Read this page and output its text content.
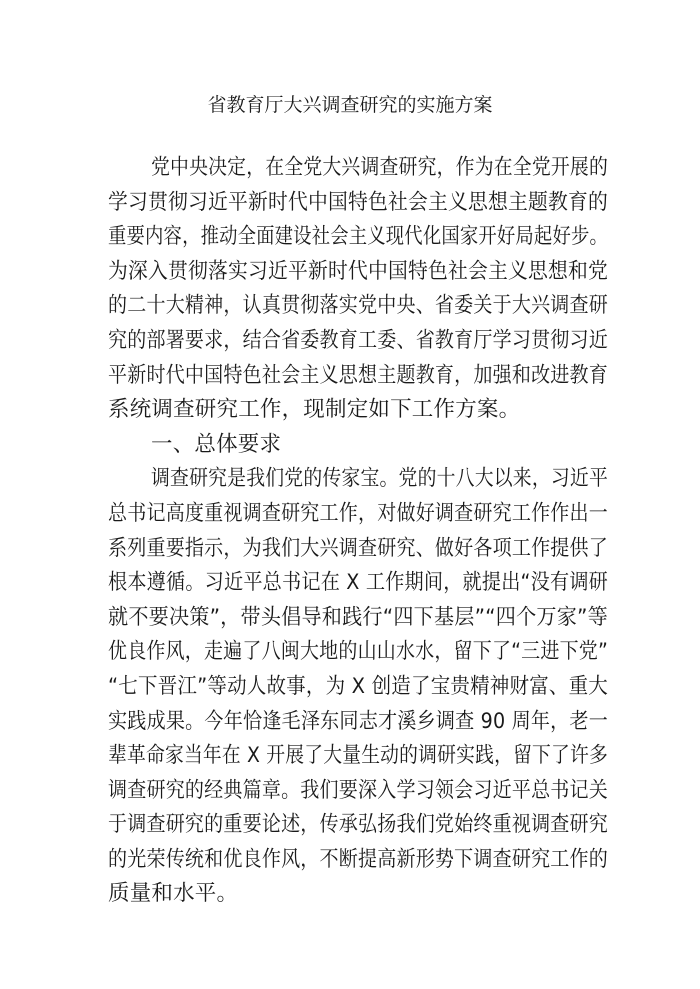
省教育厅大兴调查研究的实施方案
党中央决定，在全党大兴调查研究，作为在全党开展的
学习贯彻习近平新时代中国特色社会主义思想主题教育的
重要内容，推动全面建设社会主义现代化国家开好局起好步。
为深入贯彻落实习近平新时代中国特色社会主义思想和党
的二十大精神，认真贯彻落实党中央、省委关于大兴调查研
究的部署要求，结合省委教育工委、省教育厅学习贯彻习近
平新时代中国特色社会主义思想主题教育，加强和改进教育
系统调查研究工作，现制定如下工作方案。
一、总体要求
调查研究是我们党的传家宝。党的十八大以来，习近平
总书记高度重视调查研究工作，对做好调查研究工作作出一
系列重要指示，为我们大兴调查研究、做好各项工作提供了
根本遵循。习近平总书记在 X 工作期间，就提出“没有调研
就不要决策”，带头倡导和践行“四下基层”“四个万家”等
优良作风，走遍了八闽大地的山山水水，留下了“三进下党”
“七下晋江”等动人故事，为 X 创造了宝贵精神财富、重大
实践成果。今年恰逢毛泽东同志才溪乡调查 90 周年，老一
辈革命家当年在 X 开展了大量生动的调研实践，留下了许多
调查研究的经典篇章。我们要深入学习领会习近平总书记关
于调查研究的重要论述，传承弘扬我们党始终重视调查研究
的光荣传统和优良作风，不断提高新形势下调查研究工作的
质量和水平。
